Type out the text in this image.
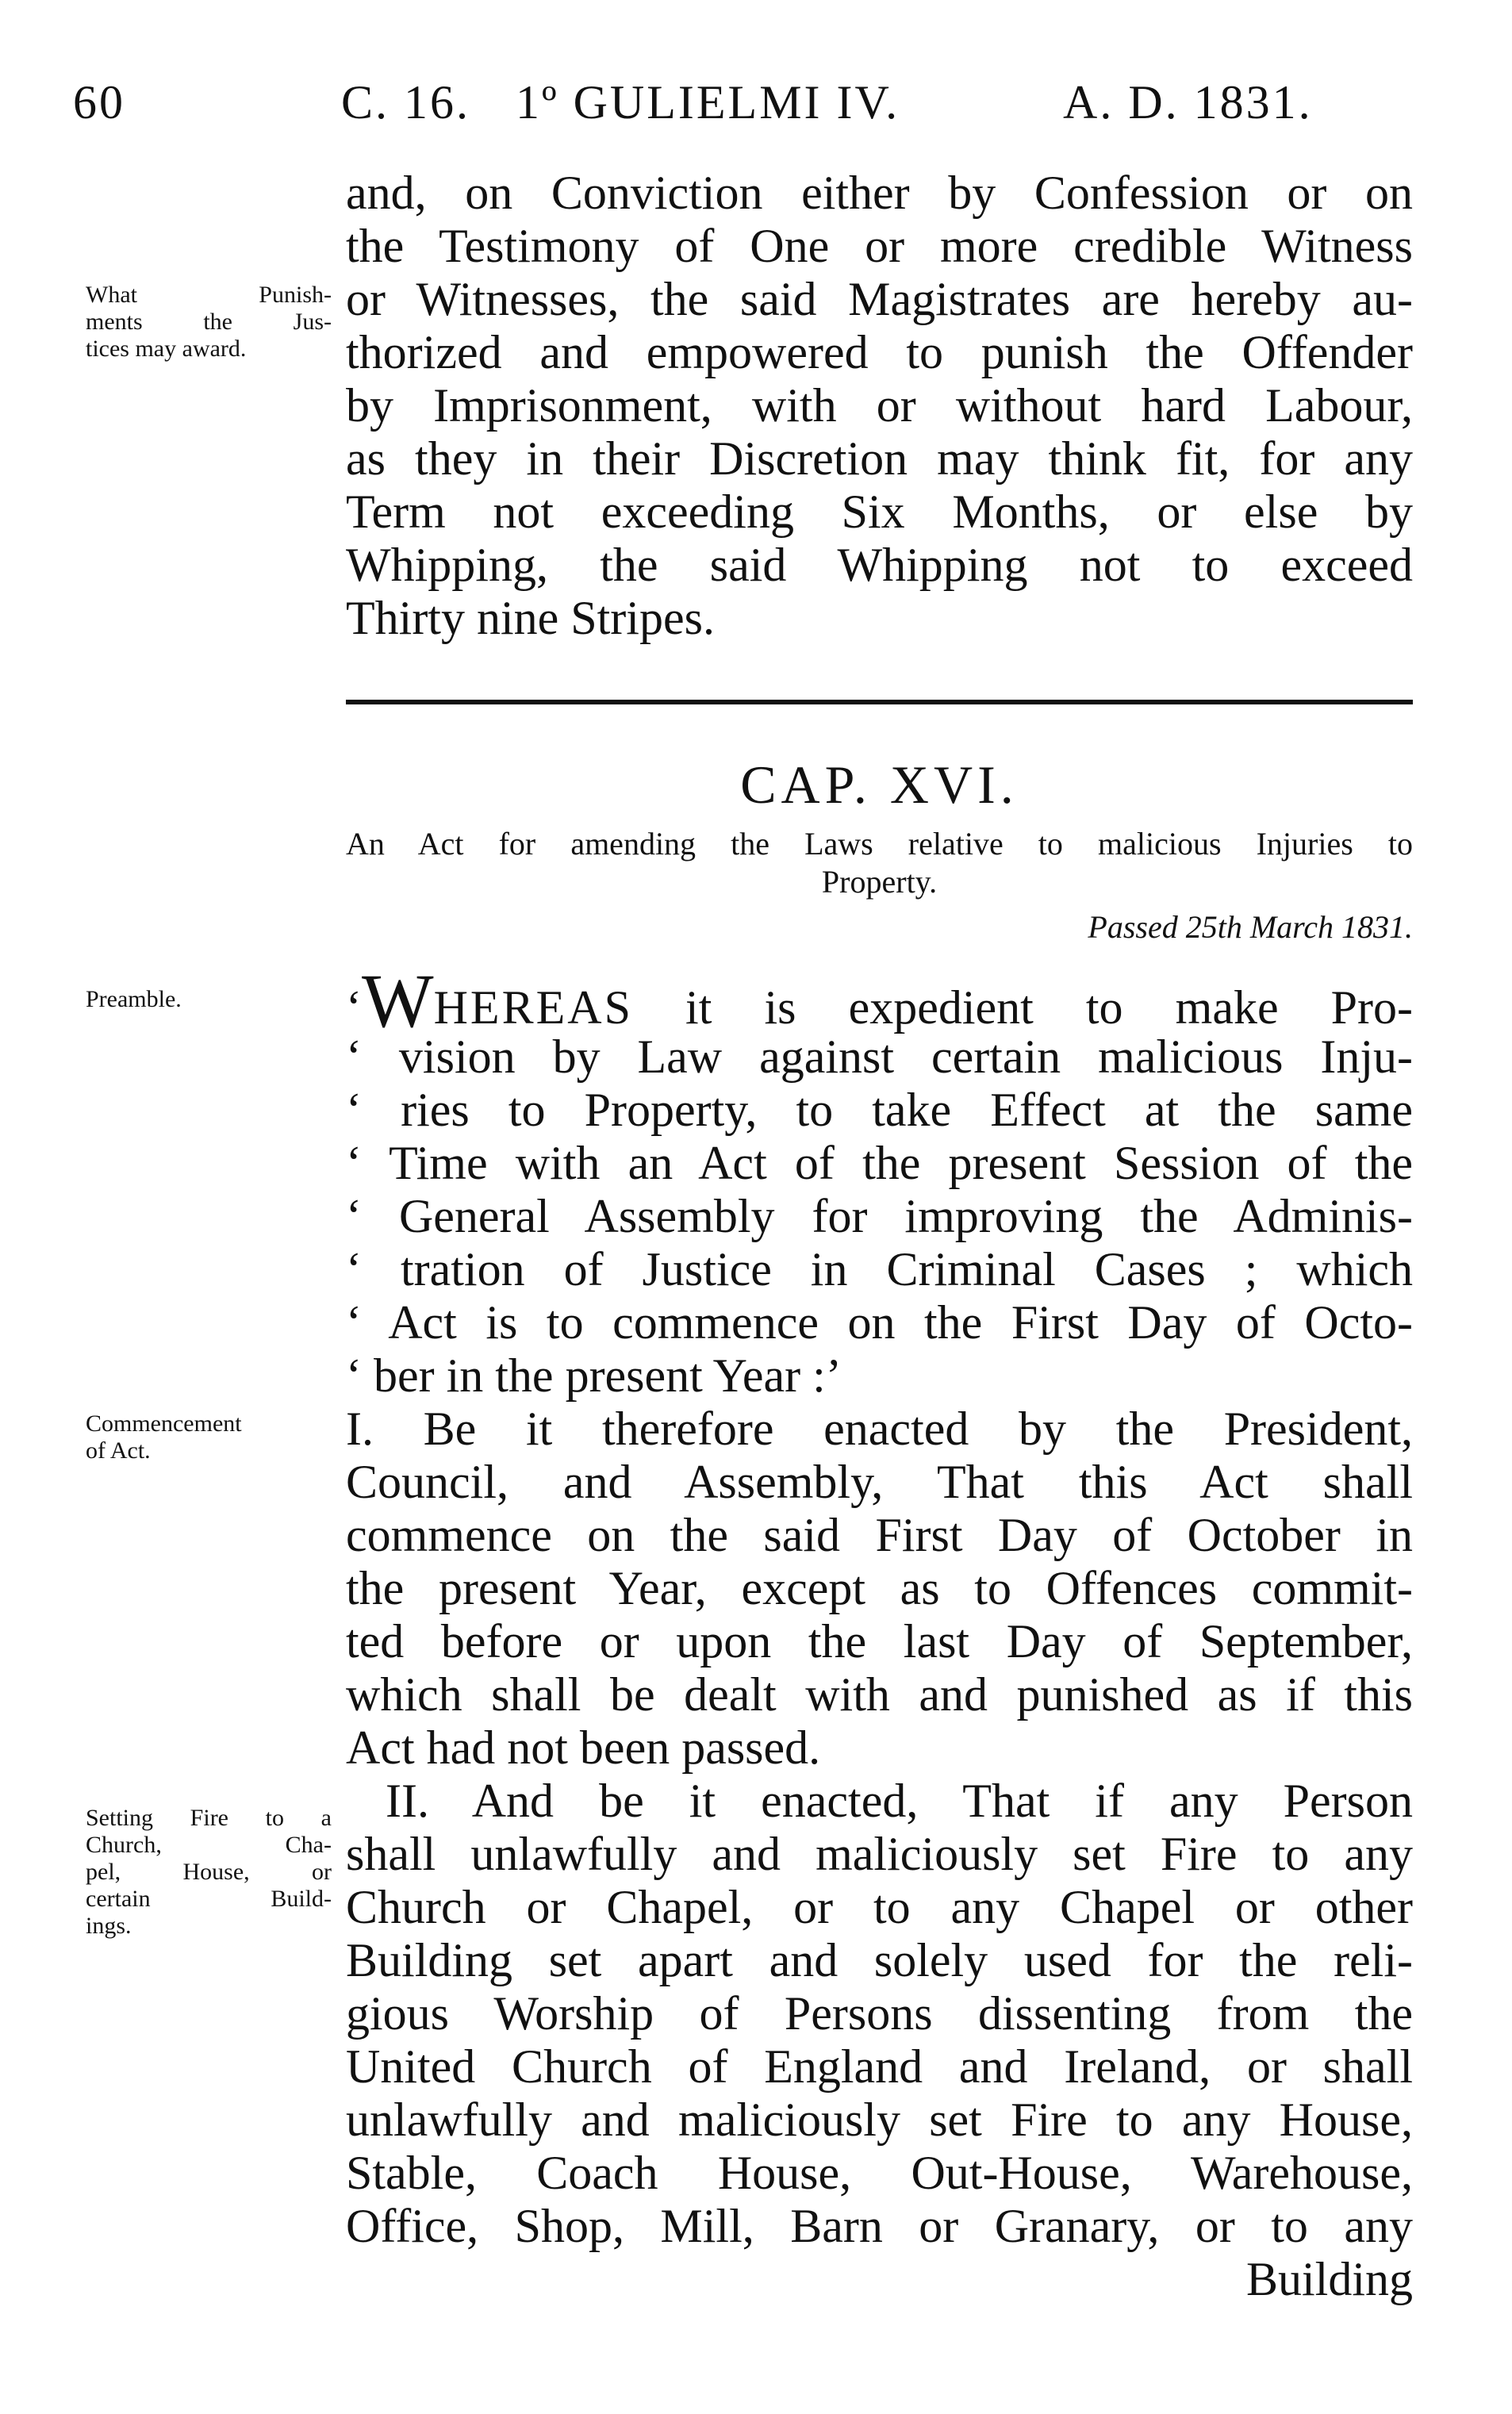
60	C. 16. 1º GULIELMI IV.	A. D. 1831.
and, on Conviction either by Confession or on
the Testimony of One or more credible Witness
or Witnesses, the said Magistrates are hereby au-
thorized and empowered to punish the Offender
by Imprisonment, with or without hard Labour,
as they in their Discretion may think fit, for any
Term not exceeding Six Months, or else by
Whipping, the said Whipping not to exceed
Thirty nine Stripes.
What Punish-
ments the Jus-
tices may award.
CAP. XVI.
An Act for amending the Laws relative to malicious Injuries to
Property.
Passed 25th March 1831.
Preamble.	‘WHEREAS it is expedient to make Pro-
‘ vision by Law against certain malicious Inju-
‘ ries to Property, to take Effect at the same
‘ Time with an Act of the present Session of the
‘ General Assembly for improving the Adminis-
‘ tration of Justice in Criminal Cases ; which
‘ Act is to commence on the First Day of Octo-
‘ ber in the present Year :’
Commencement
of Act.	I. Be it therefore enacted by the President,
Council, and Assembly, That this Act shall
commence on the said First Day of October in
the present Year, except as to Offences commit-
ted before or upon the last Day of September,
which shall be dealt with and punished as if this
Act had not been passed.
Setting Fire to a
Church, Cha-
pel, House, or
certain Build-
ings.
II. And be it enacted, That if any Person
shall unlawfully and maliciously set Fire to any
Church or Chapel, or to any Chapel or other
Building set apart and solely used for the reli-
gious Worship of Persons dissenting from the
United Church of England and Ireland, or shall
unlawfully and maliciously set Fire to any House,
Stable, Coach House, Out-House, Warehouse,
Office, Shop, Mill, Barn or Granary, or to any
Building
